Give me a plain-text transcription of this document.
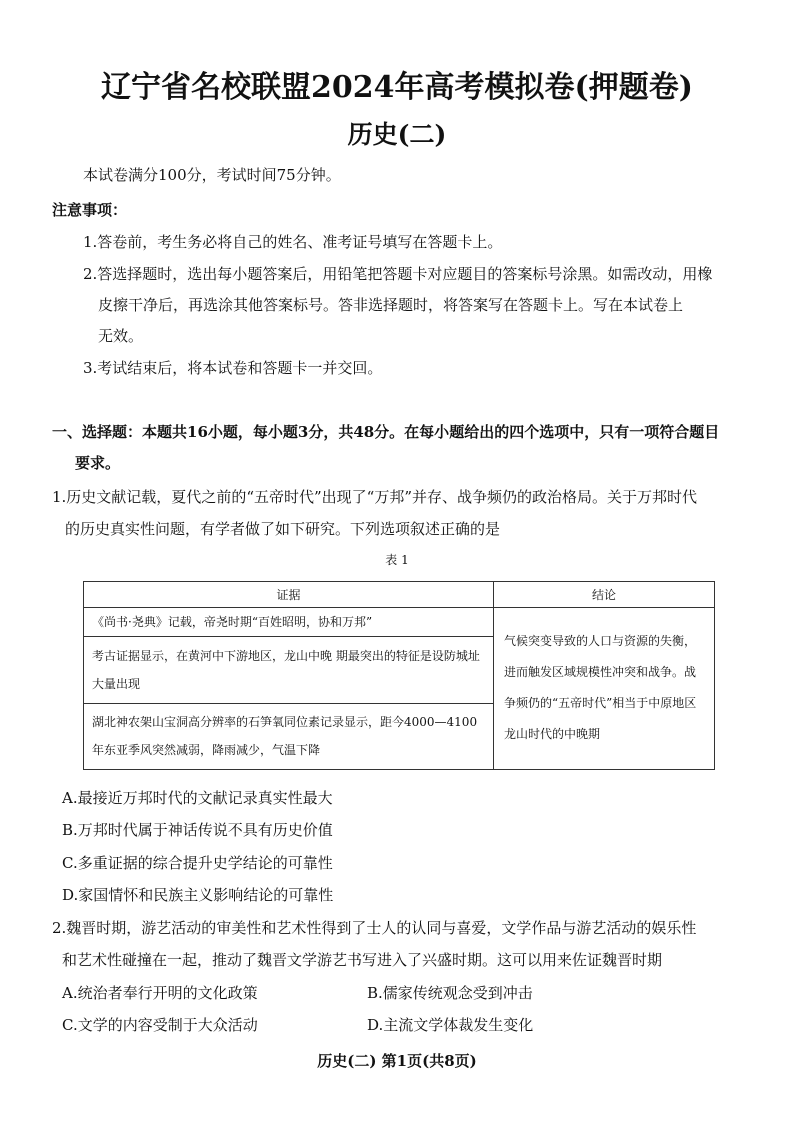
辽宁省名校联盟2024年高考模拟卷(押题卷)
历史(二)
本试卷满分100分，考试时间75分钟。
注意事项：
1.答卷前，考生务必将自己的姓名、准考证号填写在答题卡上。
2.答选择题时，选出每小题答案后，用铅笔把答题卡对应题目的答案标号涂黑。如需改动，用橡
皮擦干净后，再选涂其他答案标号。答非选择题时，将答案写在答题卡上。写在本试卷上
无效。
3.考试结束后，将本试卷和答题卡一并交回。
一、选择题：本题共16小题，每小题3分，共48分。在每小题给出的四个选项中，只有一项符合题目
要求。
1.历史文献记载，夏代之前的“五帝时代”出现了“万邦”并存、战争频仍的政治格局。关于万邦时代
的历史真实性问题，有学者做了如下研究。下列选项叙述正确的是
表 1
证据	结论
《尚书·尧典》记载，帝尧时期“百姓昭明，协和万邦”	气候突变导致的人口与资源的失衡，进而触发区域规模性冲突和战争。战争频仍的“五帝时代”相当于中原地区龙山时代的中晚期
考古证据显示，在黄河中下游地区，龙山中晚 期最突出的特征是设防城址大量出现	
湖北神农架山宝洞高分辨率的石笋氧同位素记录显示，距今4000—4100年东亚季风突然减弱，降雨减少，气温下降	
A.最接近万邦时代的文献记录真实性最大
B.万邦时代属于神话传说不具有历史价值
C.多重证据的综合提升史学结论的可靠性
D.家国情怀和民族主义影响结论的可靠性
2.魏晋时期，游艺活动的审美性和艺术性得到了士人的认同与喜爱，文学作品与游艺活动的娱乐性
和艺术性碰撞在一起，推动了魏晋文学游艺书写进入了兴盛时期。这可以用来佐证魏晋时期
A.统治者奉行开明的文化政策	B.儒家传统观念受到冲击
C.文学的内容受制于大众活动	D.主流文学体裁发生变化
历史(二) 第1页(共8页)
